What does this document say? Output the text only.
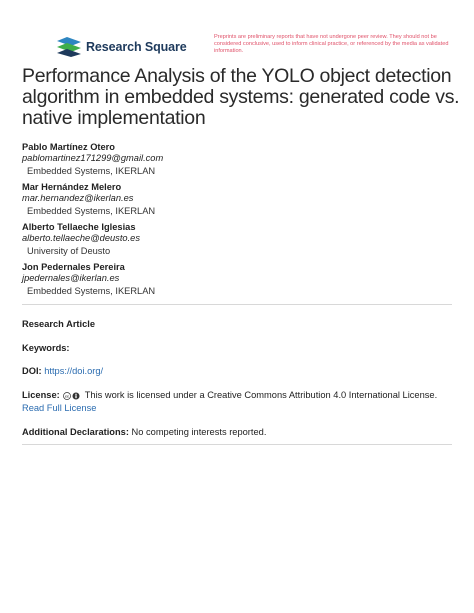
Research Square
Preprints are preliminary reports that have not undergone peer review. They should not be considered conclusive, used to inform clinical practice, or referenced by the media as validated information.
Performance Analysis of the YOLO object detection algorithm in embedded systems: generated code vs. native implementation
Pablo Martínez Otero
pablomartinez171299@gmail.com
Embedded Systems, IKERLAN
Mar Hernández Melero
mar.hernandez@ikerlan.es
Embedded Systems, IKERLAN
Alberto Tellaeche Iglesias
alberto.tellaeche@deusto.es
University of Deusto
Jon Pedernales Pereira
jpedernales@ikerlan.es
Embedded Systems, IKERLAN
Research Article
Keywords:
DOI: https://doi.org/
License: cc This work is licensed under a Creative Commons Attribution 4.0 International License.
Read Full License
Additional Declarations: No competing interests reported.
